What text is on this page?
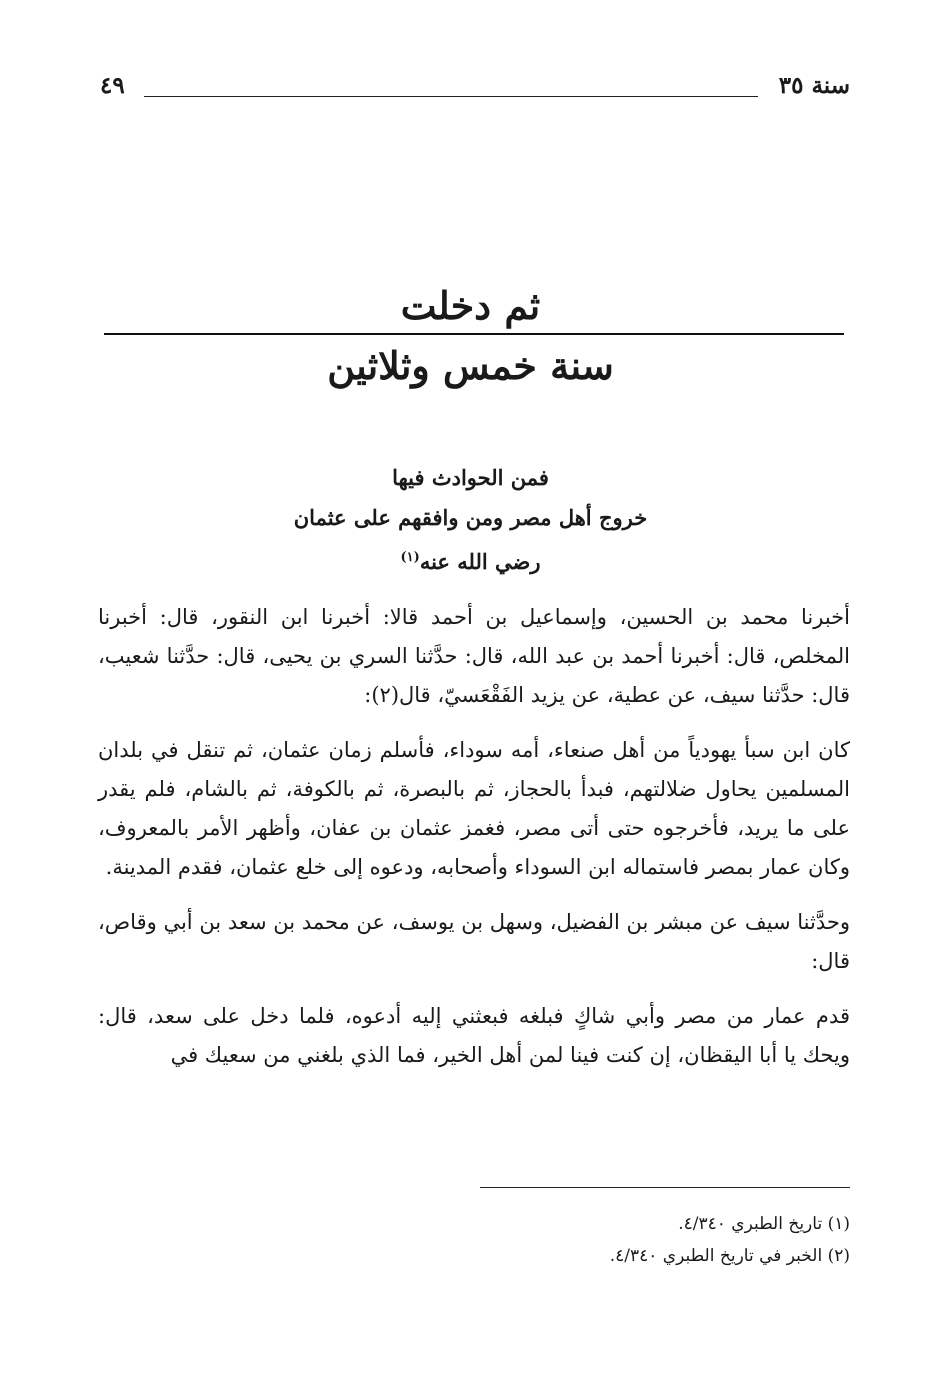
سنة ٣٥
٤٩
ثم دخلت
سنة خمس وثلاثين
فمن الحوادث فيها
خروج أهل مصر ومن وافقهم على عثمان
رضي الله عنه$^{(١)}$

أخبرنا محمد بن الحسين، وإسماعيل بن أحمد قالا: أخبرنا ابن النقور، قال: أخبرنا المخلص، قال: أخبرنا أحمد بن عبد الله، قال: حدَّثنا السري بن يحيى، قال: حدَّثنا شعيب، قال: حدَّثنا سيف، عن عطية، عن يزيد الفَقْعَسيّ، قال(٢):

كان ابن سبأ يهودياً من أهل صنعاء، أمه سوداء، فأسلم زمان عثمان، ثم تنقل في بلدان المسلمين يحاول ضلالتهم، فبدأ بالحجاز، ثم بالبصرة، ثم بالكوفة، ثم بالشام، فلم يقدر على ما يريد، فأخرجوه حتى أتى مصر، فغمز عثمان بن عفان، وأظهر الأمر بالمعروف، وكان عمار بمصر فاستماله ابن السوداء وأصحابه، ودعوه إلى خلع عثمان، فقدم المدينة.

وحدَّثنا سيف عن مبشر بن الفضيل، وسهل بن يوسف، عن محمد بن سعد بن أبي وقاص، قال:

قدم عمار من مصر وأبي شاكٍ فبلغه فبعثني إليه أدعوه، فلما دخل على سعد، قال: ويحك يا أبا اليقظان، إن كنت فينا لمن أهل الخير، فما الذي بلغني من سعيك في

(١) تاريخ الطبري ٤/٣٤٠.
(٢) الخبر في تاريخ الطبري ٤/٣٤٠.
